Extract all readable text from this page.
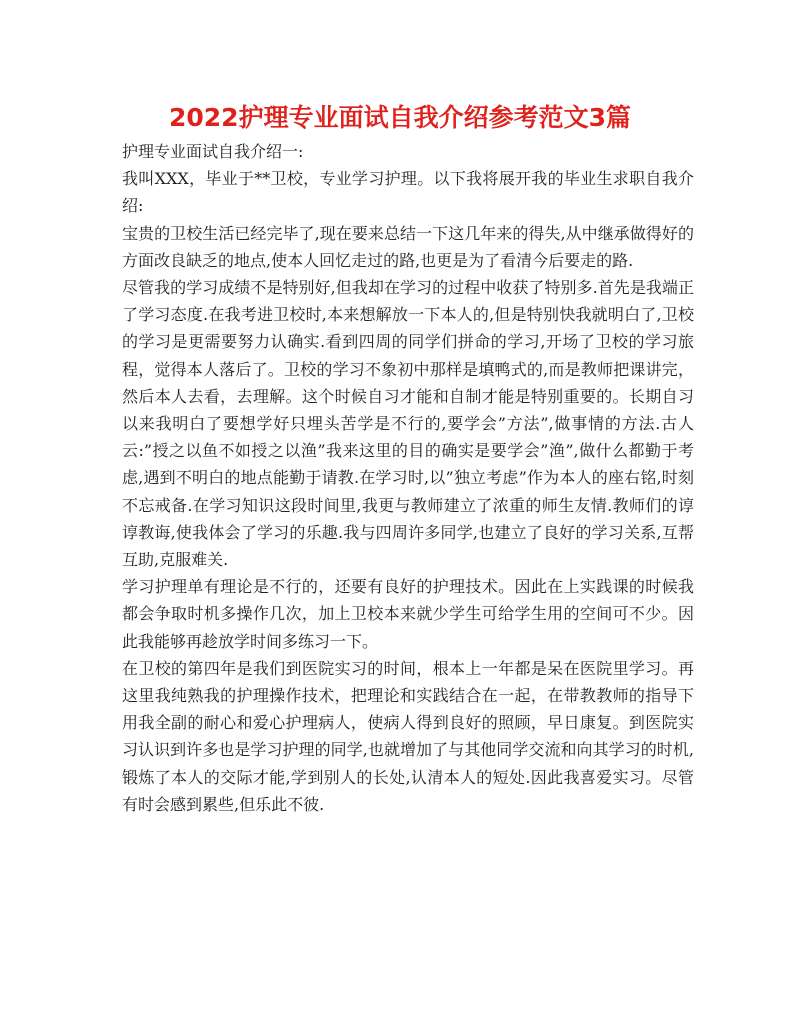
2022护理专业面试自我介绍参考范文3篇

护理专业面试自我介绍一:

我叫XXX，毕业于**卫校，专业学习护理。以下我将展开我的毕业生求职自我介绍:

宝贵的卫校生活已经完毕了,现在要来总结一下这几年来的得失,从中继承做得好的方面改良缺乏的地点,使本人回忆走过的路,也更是为了看清今后要走的路.

尽管我的学习成绩不是特别好,但我却在学习的过程中收获了特别多.首先是我端正了学习态度.在我考进卫校时,本来想解放一下本人的,但是特别快我就明白了,卫校的学习是更需要努力认确实.看到四周的同学们拼命的学习,开场了卫校的学习旅程，觉得本人落后了。卫校的学习不象初中那样是填鸭式的,而是教师把课讲完，然后本人去看，去理解。这个时候自习才能和自制才能是特别重要的。长期自习以来我明白了要想学好只埋头苦学是不行的,要学会”方法”,做事情的方法.古人云:”授之以鱼不如授之以渔”我来这里的目的确实是要学会”渔”,做什么都勤于考虑,遇到不明白的地点能勤于请教.在学习时,以”独立考虑”作为本人的座右铭,时刻不忘戒备.在学习知识这段时间里,我更与教师建立了浓重的师生友情.教师们的谆谆教诲,使我体会了学习的乐趣.我与四周许多同学,也建立了良好的学习关系,互帮互助,克服难关.

学习护理单有理论是不行的，还要有良好的护理技术。因此在上实践课的时候我都会争取时机多操作几次，加上卫校本来就少学生可给学生用的空间可不少。因此我能够再趁放学时间多练习一下。

在卫校的第四年是我们到医院实习的时间，根本上一年都是呆在医院里学习。再这里我纯熟我的护理操作技术，把理论和实践结合在一起，在带教教师的指导下用我全副的耐心和爱心护理病人，使病人得到良好的照顾，早日康复。到医院实习认识到许多也是学习护理的同学,也就增加了与其他同学交流和向其学习的时机,锻炼了本人的交际才能,学到别人的长处,认清本人的短处.因此我喜爱实习。尽管有时会感到累些,但乐此不彼.
